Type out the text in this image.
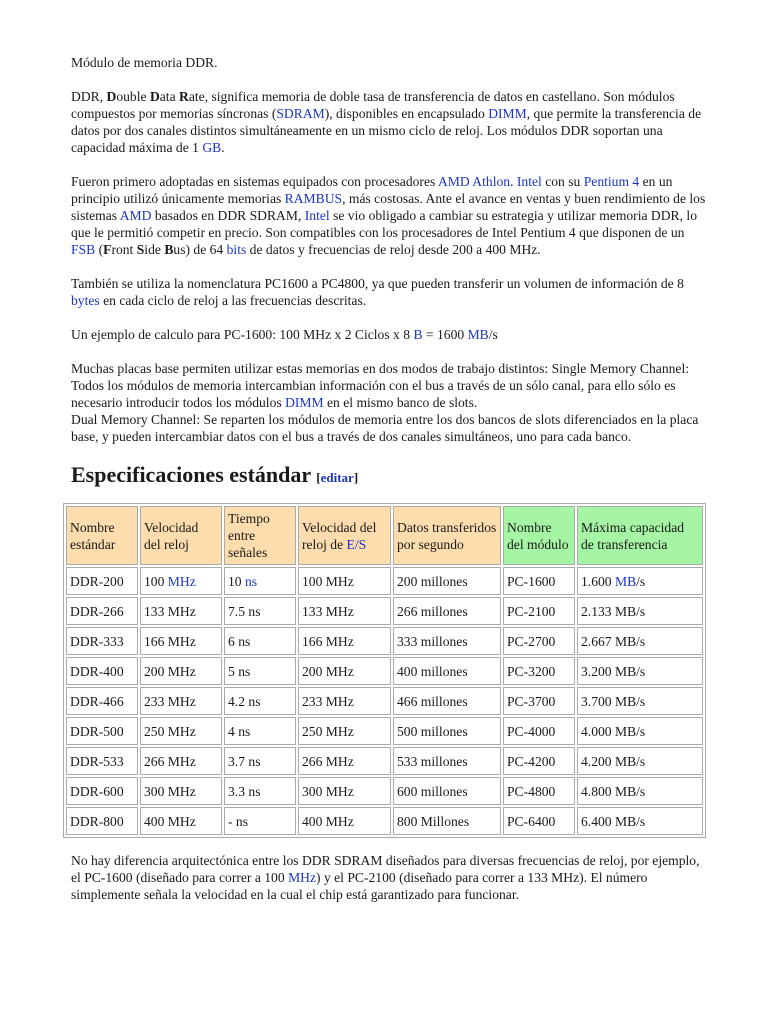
Módulo de memoria DDR.

DDR, Double Data Rate, significa memoria de doble tasa de transferencia de datos en castellano. Son módulos compuestos por memorias síncronas (SDRAM), disponibles en encapsulado DIMM, que permite la transferencia de datos por dos canales distintos simultáneamente en un mismo ciclo de reloj. Los módulos DDR soportan una capacidad máxima de 1 GB.

Fueron primero adoptadas en sistemas equipados con procesadores AMD Athlon. Intel con su Pentium 4 en un principio utilizó únicamente memorias RAMBUS, más costosas. Ante el avance en ventas y buen rendimiento de los sistemas AMD basados en DDR SDRAM, Intel se vio obligado a cambiar su estrategia y utilizar memoria DDR, lo que le permitió competir en precio. Son compatibles con los procesadores de Intel Pentium 4 que disponen de un FSB (Front Side Bus) de 64 bits de datos y frecuencias de reloj desde 200 a 400 MHz.

También se utiliza la nomenclatura PC1600 a PC4800, ya que pueden transferir un volumen de información de 8 bytes en cada ciclo de reloj a las frecuencias descritas.

Un ejemplo de calculo para PC-1600: 100 MHz x 2 Ciclos x 8 B = 1600 MB/s

Muchas placas base permiten utilizar estas memorias en dos modos de trabajo distintos: Single Memory Channel: Todos los módulos de memoria intercambian información con el bus a través de un sólo canal, para ello sólo es necesario introducir todos los módulos DIMM en el mismo banco de slots.
Dual Memory Channel: Se reparten los módulos de memoria entre los dos bancos de slots diferenciados en la placa base, y pueden intercambiar datos con el bus a través de dos canales simultáneos, uno para cada banco.

Especificaciones estándar [editar]
Nombre estándar	Velocidad del reloj	Tiempo entre señales	Velocidad del reloj de E/S	Datos transferidos por segundo	Nombre del módulo	Máxima capacidad de transferencia
DDR-200	100 MHz	10 ns	100 MHz	200 millones	PC-1600	1.600 MB/s
DDR-266	133 MHz	7.5 ns	133 MHz	266 millones	PC-2100	2.133 MB/s
DDR-333	166 MHz	6 ns	166 MHz	333 millones	PC-2700	2.667 MB/s
DDR-400	200 MHz	5 ns	200 MHz	400 millones	PC-3200	3.200 MB/s
DDR-466	233 MHz	4.2 ns	233 MHz	466 millones	PC-3700	3.700 MB/s
DDR-500	250 MHz	4 ns	250 MHz	500 millones	PC-4000	4.000 MB/s
DDR-533	266 MHz	3.7 ns	266 MHz	533 millones	PC-4200	4.200 MB/s
DDR-600	300 MHz	3.3 ns	300 MHz	600 millones	PC-4800	4.800 MB/s
DDR-800	400 MHz	- ns	400 MHz	800 Millones	PC-6400	6.400 MB/s

No hay diferencia arquitectónica entre los DDR SDRAM diseñados para diversas frecuencias de reloj, por ejemplo, el PC-1600 (diseñado para correr a 100 MHz) y el PC-2100 (diseñado para correr a 133 MHz). El número simplemente señala la velocidad en la cual el chip está garantizado para funcionar.
